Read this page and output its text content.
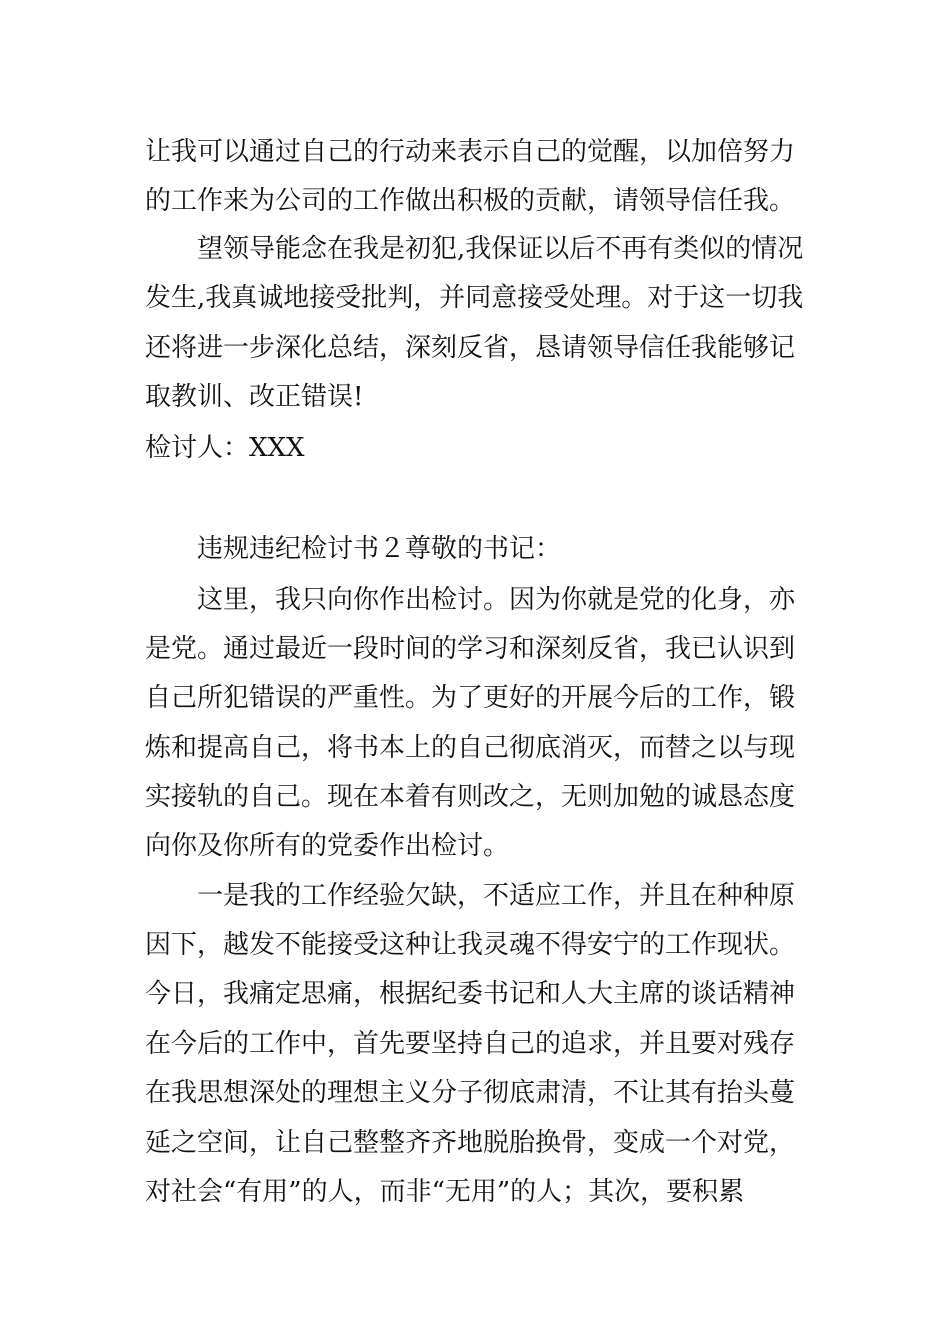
让我可以通过自己的行动来表示自己的觉醒，以加倍努力
的工作来为公司的工作做出积极的贡献，请领导信任我。
　　望领导能念在我是初犯,我保证以后不再有类似的情况
发生,我真诚地接受批判，并同意接受处理。对于这一切我
还将进一步深化总结，深刻反省，恳请领导信任我能够记
取教训、改正错误!
检讨人：XXX
　　违规违纪检讨书２尊敬的书记：
　　这里，我只向你作出检讨。因为你就是党的化身，亦
是党。通过最近一段时间的学习和深刻反省，我已认识到
自己所犯错误的严重性。为了更好的开展今后的工作，锻
炼和提高自己，将书本上的自己彻底消灭，而替之以与现
实接轨的自己。现在本着有则改之，无则加勉的诚恳态度
向你及你所有的党委作出检讨。
　　一是我的工作经验欠缺，不适应工作，并且在种种原
因下，越发不能接受这种让我灵魂不得安宁的工作现状。
今日，我痛定思痛，根据纪委书记和人大主席的谈话精神
在今后的工作中，首先要坚持自己的追求，并且要对残存
在我思想深处的理想主义分子彻底肃清，不让其有抬头蔓
延之空间，让自己整整齐齐地脱胎换骨，变成一个对党，
对社会“有用”的人，而非“无用”的人；其次，要积累
